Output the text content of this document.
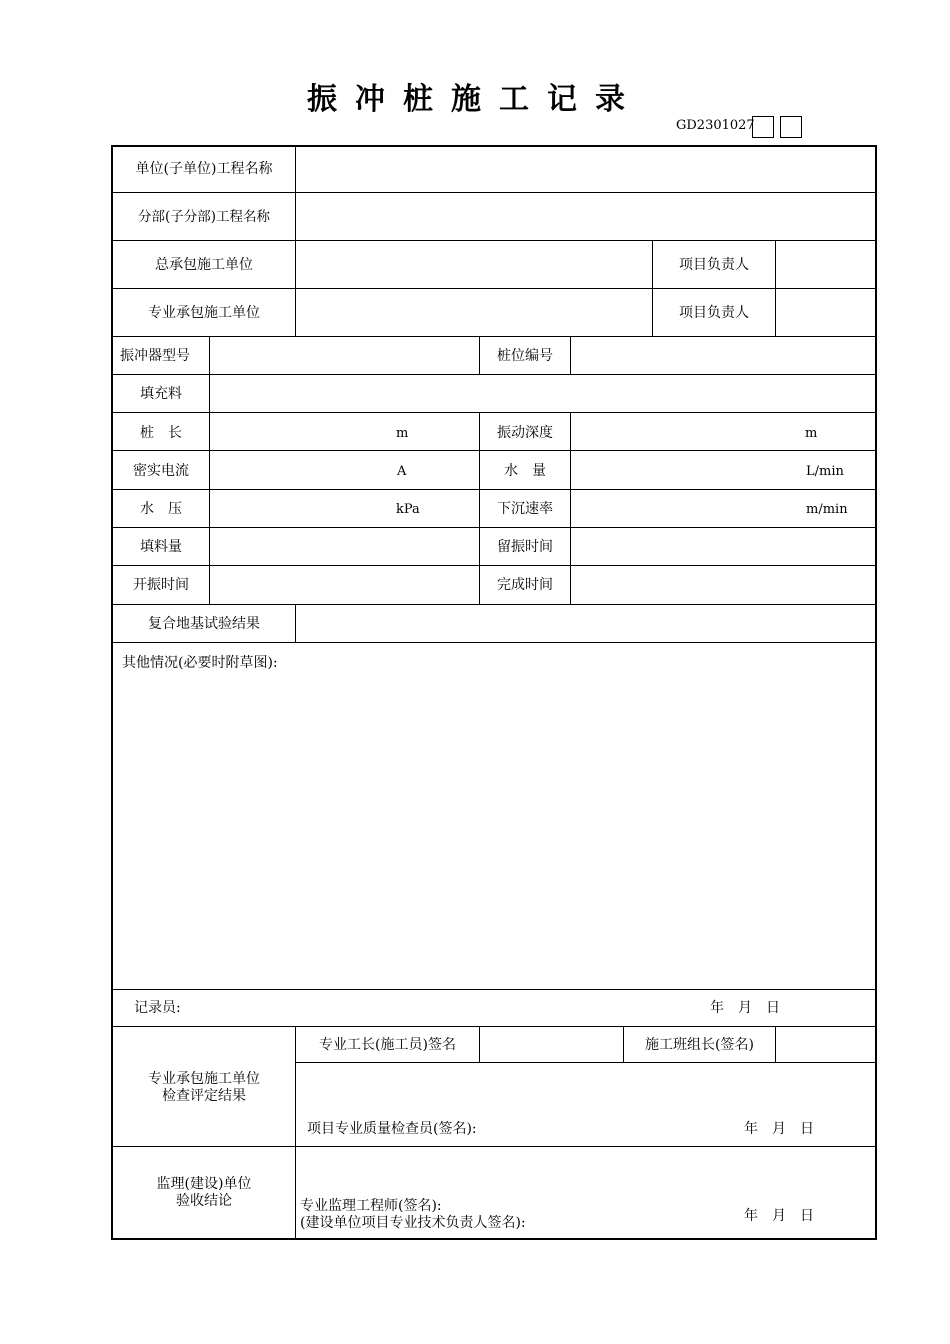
振冲桩施工记录
GD2301027
单位(子单位)工程名称
分部(子分部)工程名称
总承包施工单位	项目负责人
专业承包施工单位	项目负责人
振冲器型号	桩位编号
填充料
桩　长	m	振动深度	m
密实电流	A	水　量	L/min
水　压	kPa	下沉速率	m/min
填料量	留振时间
开振时间	完成时间
复合地基试验结果
其他情况(必要时附草图):
记录员:	年　月　日
专业承包施工单位
检查评定结果
专业工长(施工员)签名	施工班组长(签名)
项目专业质量检查员(签名):	年　月　日
监理(建设)单位
验收结论	专业监理工程师(签名):
(建设单位项目专业技术负责人签名):	年　月　日
